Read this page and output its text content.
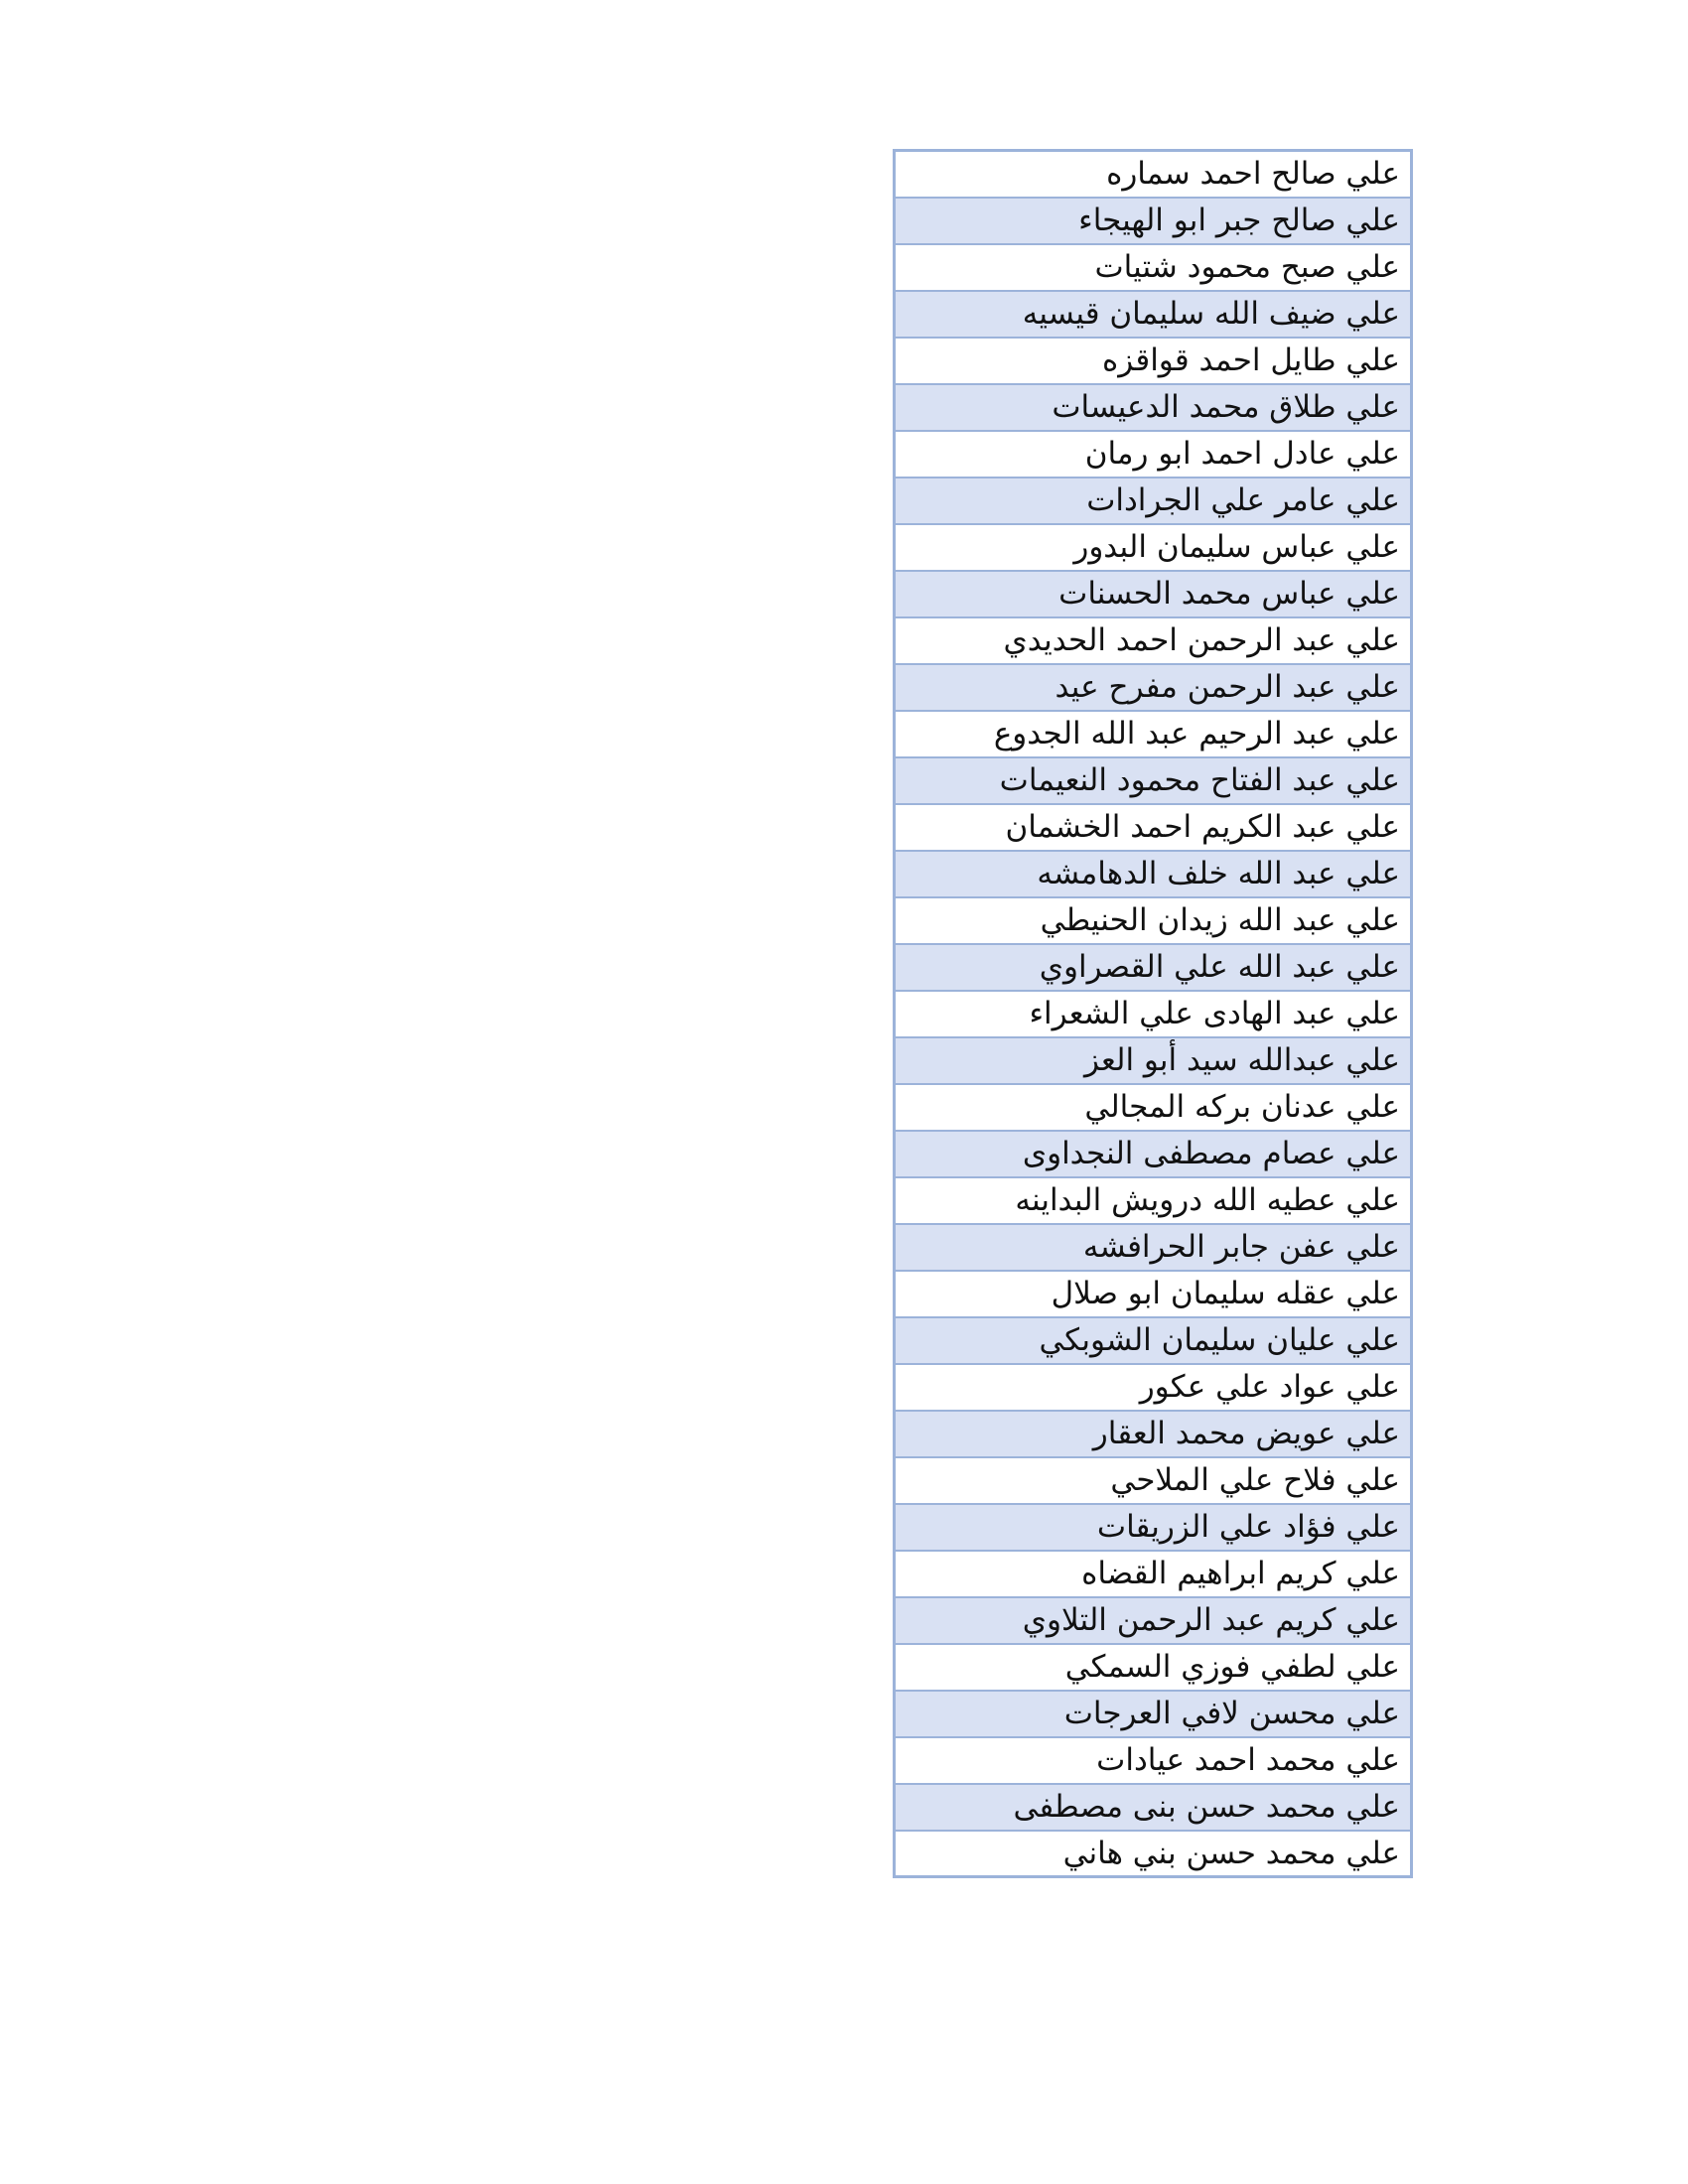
علي صالح احمد سماره
علي صالح جبر ابو الهيجاء
علي صبح محمود شتيات
علي ضيف الله سليمان قيسيه
علي طايل احمد قواقزه
علي طلاق محمد الدعيسات
علي عادل احمد ابو رمان
علي عامر علي الجرادات
علي عباس سليمان البدور
علي عباس محمد الحسنات
علي عبد الرحمن احمد الحديدي
علي عبد الرحمن مفرح عيد
علي عبد الرحيم عبد الله الجدوع
علي عبد الفتاح محمود النعيمات
علي عبد الكريم احمد الخشمان
علي عبد الله خلف الدهامشه
علي عبد الله زيدان الحنيطي
علي عبد الله علي القصراوي
علي عبد الهادى علي الشعراء
علي عبدالله سيد أبو العز
علي عدنان بركه المجالي
علي عصام مصطفى النجداوى
علي عطيه الله درويش البداينه
علي عفن جابر الحرافشه
علي عقله سليمان ابو صلال
علي عليان سليمان الشوبكي
علي عواد علي عكور
علي عويض محمد العقار
علي فلاح علي الملاحي
علي فؤاد علي الزريقات
علي كريم ابراهيم القضاه
علي كريم عبد الرحمن التلاوي
علي لطفي فوزي السمكي
علي محسن لافي العرجات
علي محمد احمد عيادات
علي محمد حسن بنى مصطفى
علي محمد حسن بني هاني
